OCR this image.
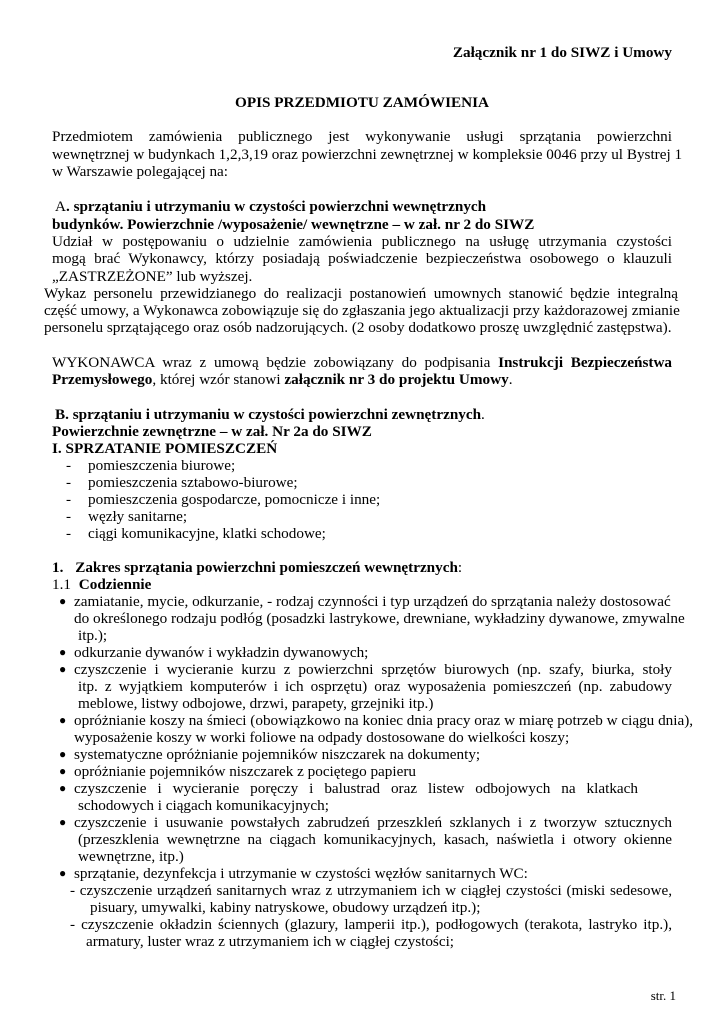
Załącznik nr 1 do SIWZ i Umowy
OPIS PRZEDMIOTU ZAMÓWIENIA
Przedmiotem zamówienia publicznego jest wykonywanie usługi sprzątania powierzchni
wewnętrznej w budynkach 1,2,3,19 oraz powierzchni zewnętrznej w kompleksie 0046 przy ul Bystrej 1
w Warszawie polegającej na:
A. sprzątaniu i utrzymaniu w czystości powierzchni wewnętrznych
budynków. Powierzchnie /wyposażenie/ wewnętrzne – w zał. nr 2 do SIWZ
Udział w postępowaniu o udzielnie zamówienia publicznego na usługę utrzymania czystości
mogą brać Wykonawcy, którzy posiadają poświadczenie bezpieczeństwa osobowego o klauzuli
„ZASTRZEŻONE” lub wyższej.
Wykaz personelu przewidzianego do realizacji postanowień umownych stanowić będzie integralną
część umowy, a Wykonawca zobowiązuje się do zgłaszania jego aktualizacji przy każdorazowej zmianie
personelu sprzątającego oraz osób nadzorujących. (2 osoby dodatkowo proszę uwzględnić zastępstwa).
WYKONAWCA wraz z umową będzie zobowiązany do podpisania Instrukcji Bezpieczeństwa
Przemysłowego, której wzór stanowi załącznik nr 3 do projektu Umowy.
B. sprzątaniu i utrzymaniu w czystości powierzchni zewnętrznych.
Powierzchnie zewnętrzne – w zał. Nr 2a do SIWZ
I. SPRZATANIE POMIESZCZEŃ
- pomieszczenia biurowe;
- pomieszczenia sztabowo-biurowe;
- pomieszczenia gospodarcze, pomocnicze i inne;
- węzły sanitarne;
- ciągi komunikacyjne, klatki schodowe;
1. Zakres sprzątania powierzchni pomieszczeń wewnętrznych:
1.1 Codziennie
● zamiatanie, mycie, odkurzanie, - rodzaj czynności i typ urządzeń do sprzątania należy dostosować
do określonego rodzaju podłóg (posadzki lastrykowe, drewniane, wykładziny dywanowe, zmywalne
itp.);
● odkurzanie dywanów i wykładzin dywanowych;
czyszczenie i wycieranie kurzu z powierzchni sprzętów biurowych (np. szafy, biurka, stoły
●
itp. z wyjątkiem komputerów i ich osprzętu) oraz wyposażenia pomieszczeń (np. zabudowy
meblowe, listwy odbojowe, drzwi, parapety, grzejniki itp.)
● opróżnianie koszy na śmieci (obowiązkowo na koniec dnia pracy oraz w miarę potrzeb w ciągu dnia),
wyposażenie koszy w worki foliowe na odpady dostosowane do wielkości koszy;
● systematyczne opróżnianie pojemników niszczarek na dokumenty;
● opróżnianie pojemników niszczarek z pociętego papieru
czyszczenie i wycieranie poręczy i balustrad oraz listew odbojowych na klatkach
●
schodowych i ciągach komunikacyjnych;
czyszczenie i usuwanie powstałych zabrudzeń przeszkleń szklanych i z tworzyw sztucznych
●
(przeszklenia wewnętrzne na ciągach komunikacyjnych, kasach, naświetla i otwory okienne
wewnętrzne, itp.)
● sprzątanie, dezynfekcja i utrzymanie w czystości węzłów sanitarnych WC:
- czyszczenie urządzeń sanitarnych wraz z utrzymaniem ich w ciągłej czystości (miski sedesowe,
pisuary, umywalki, kabiny natryskowe, obudowy urządzeń itp.);
- czyszczenie okładzin ściennych (glazury, lamperii itp.), podłogowych (terakota, lastryko itp.),
armatury, luster wraz z utrzymaniem ich w ciągłej czystości;
str. 1
